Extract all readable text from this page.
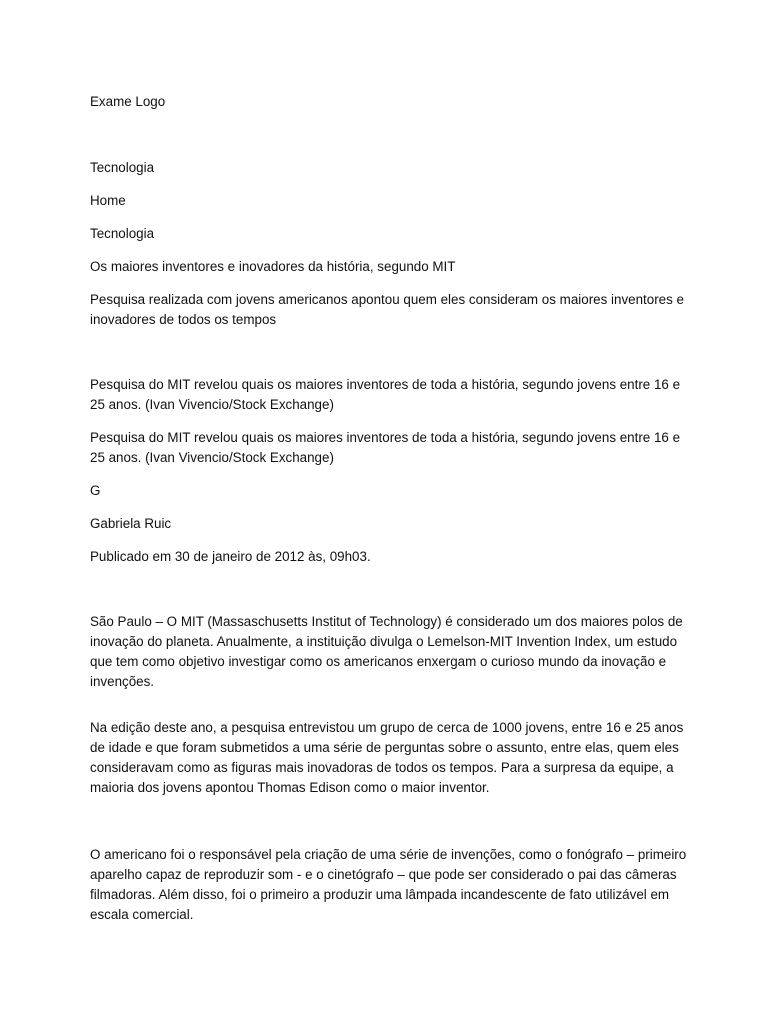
Exame Logo

Tecnologia

Home

Tecnologia

Os maiores inventores e inovadores da história, segundo MIT

Pesquisa realizada com jovens americanos apontou quem eles consideram os maiores inventores e inovadores de todos os tempos

Pesquisa do MIT revelou quais os maiores inventores de toda a história, segundo jovens entre 16 e 25 anos. (Ivan Vivencio/Stock Exchange)

Pesquisa do MIT revelou quais os maiores inventores de toda a história, segundo jovens entre 16 e 25 anos. (Ivan Vivencio/Stock Exchange)

G

Gabriela Ruic

Publicado em 30 de janeiro de 2012 às, 09h03.

São Paulo – O MIT (Massaschusetts Institut of Technology) é considerado um dos maiores polos de inovação do planeta. Anualmente, a instituição divulga o Lemelson-MIT Invention Index, um estudo que tem como objetivo investigar como os americanos enxergam o curioso mundo da inovação e invenções.

Na edição deste ano, a pesquisa entrevistou um grupo de cerca de 1000 jovens, entre 16 e 25 anos de idade e que foram submetidos a uma série de perguntas sobre o assunto, entre elas, quem eles consideravam como as figuras mais inovadoras de todos os tempos. Para a surpresa da equipe, a maioria dos jovens apontou Thomas Edison como o maior inventor.

O americano foi o responsável pela criação de uma série de invenções, como o fonógrafo – primeiro aparelho capaz de reproduzir som - e o cinetógrafo – que pode ser considerado o pai das câmeras filmadoras. Além disso, foi o primeiro a produzir uma lâmpada incandescente de fato utilizável em escala comercial.
